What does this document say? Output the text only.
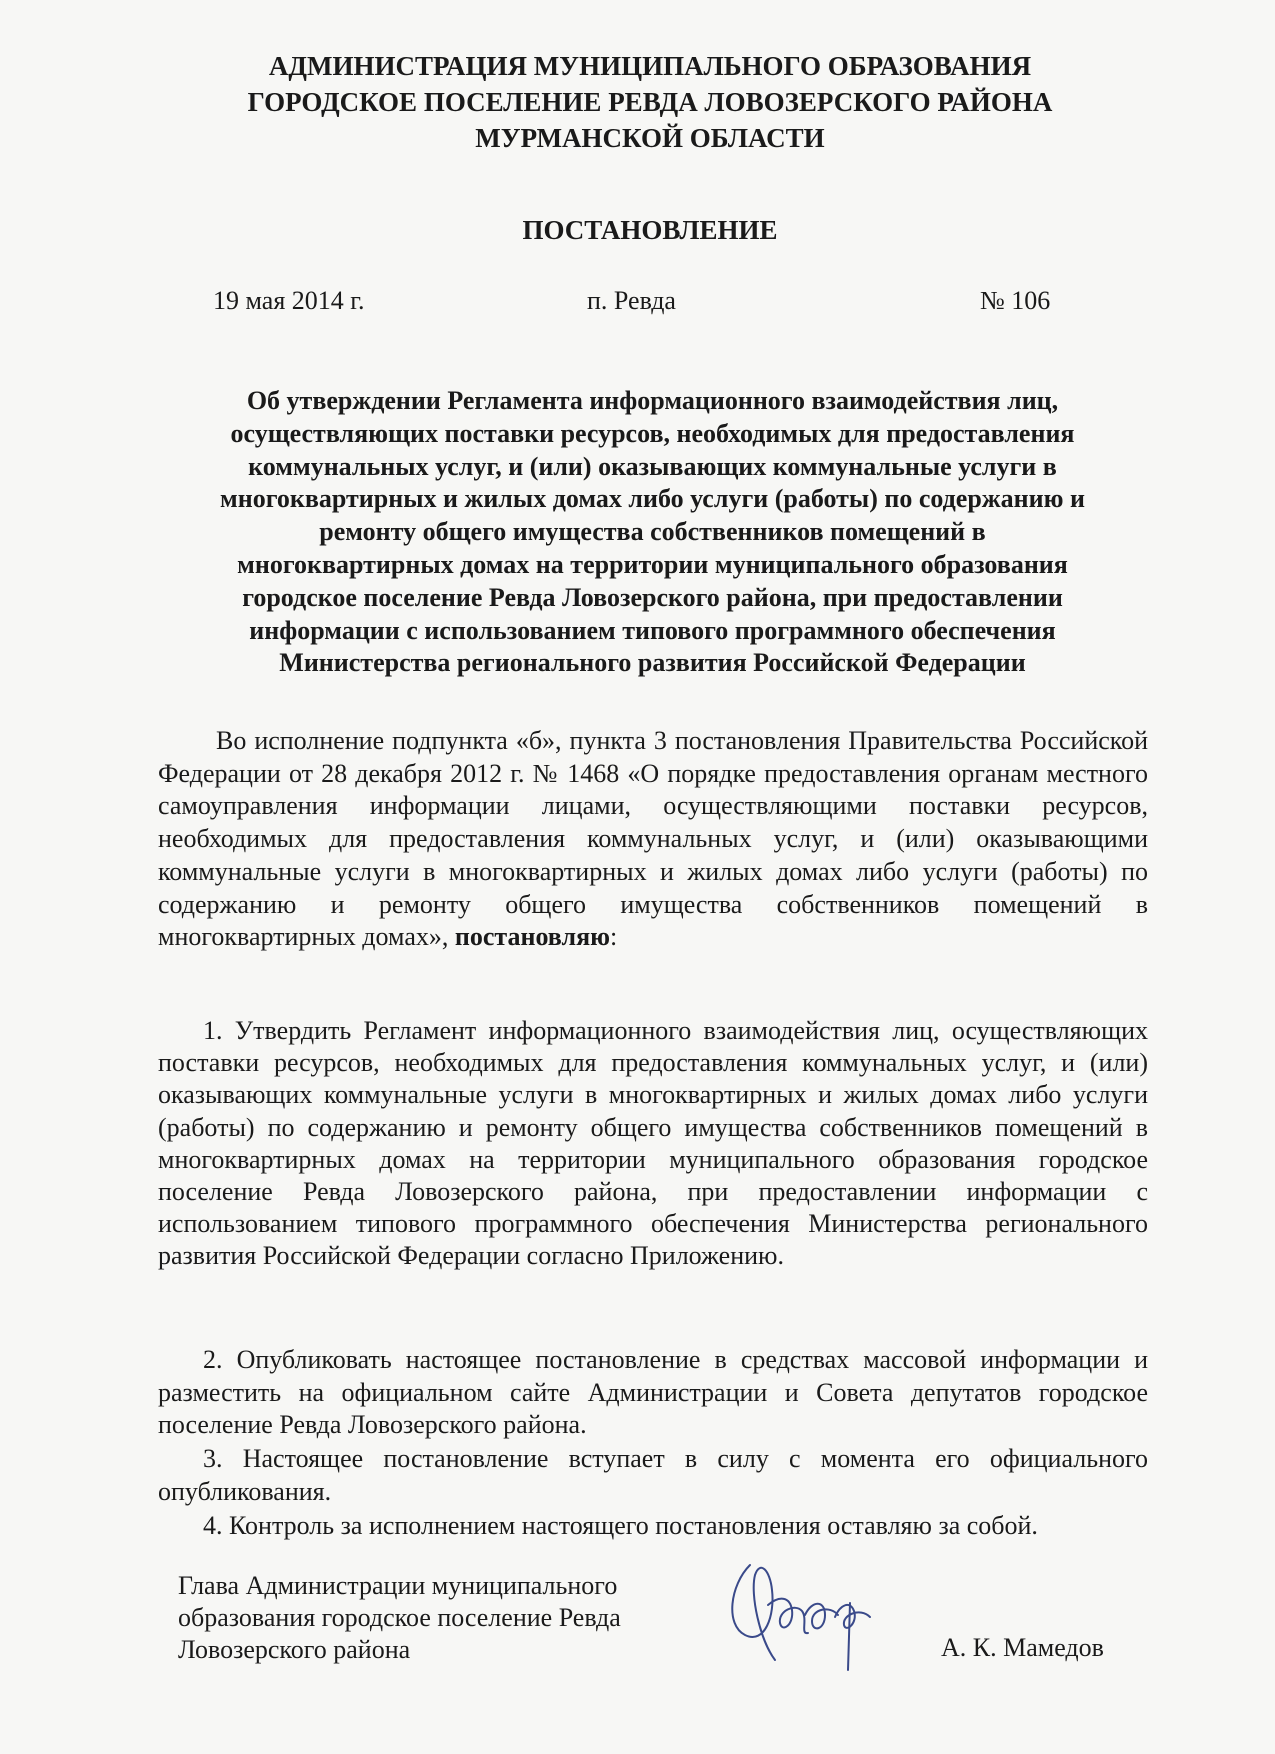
АДМИНИСТРАЦИЯ МУНИЦИПАЛЬНОГО ОБРАЗОВАНИЯ
ГОРОДСКОЕ ПОСЕЛЕНИЕ РЕВДА ЛОВОЗЕРСКОГО РАЙОНА
МУРМАНСКОЙ ОБЛАСТИ
ПОСТАНОВЛЕНИЕ
19 мая 2014 г.	п. Ревда	№ 106
Об утверждении Регламента информационного взаимодействия лиц,
осуществляющих поставки ресурсов, необходимых для предоставления
коммунальных услуг, и (или) оказывающих коммунальные услуги в
многоквартирных и жилых домах либо услуги (работы) по содержанию и
ремонту общего имущества собственников помещений в
многоквартирных домах на территории муниципального образования
городское поселение Ревда Ловозерского района, при предоставлении
информации с использованием типового программного обеспечения
Министерства регионального развития Российской Федерации
Во исполнение подпункта «б», пункта 3 постановления Правительства Российской Федерации от 28 декабря 2012 г. № 1468 «О порядке предоставления органам местного самоуправления информации лицами, осуществляющими поставки ресурсов, необходимых для предоставления коммунальных услуг, и (или) оказывающими коммунальные услуги в многоквартирных и жилых домах либо услуги (работы) по содержанию и ремонту общего имущества собственников помещений в многоквартирных домах», постановляю:
1. Утвердить Регламент информационного взаимодействия лиц, осуществляющих поставки ресурсов, необходимых для предоставления коммунальных услуг, и (или) оказывающих коммунальные услуги в многоквартирных и жилых домах либо услуги (работы) по содержанию и ремонту общего имущества собственников помещений в многоквартирных домах на территории муниципального образования городское поселение Ревда Ловозерского района, при предоставлении информации с использованием типового программного обеспечения Министерства регионального развития Российской Федерации согласно Приложению.
2. Опубликовать настоящее постановление в средствах массовой информации и разместить на официальном сайте Администрации и Совета депутатов городское поселение Ревда Ловозерского района.
3. Настоящее постановление вступает в силу с момента его официального опубликования.
4. Контроль за исполнением настоящего постановления оставляю за собой.
Глава Администрации муниципального
образования городское поселение Ревда
Ловозерского района	А. К. Мамедов
